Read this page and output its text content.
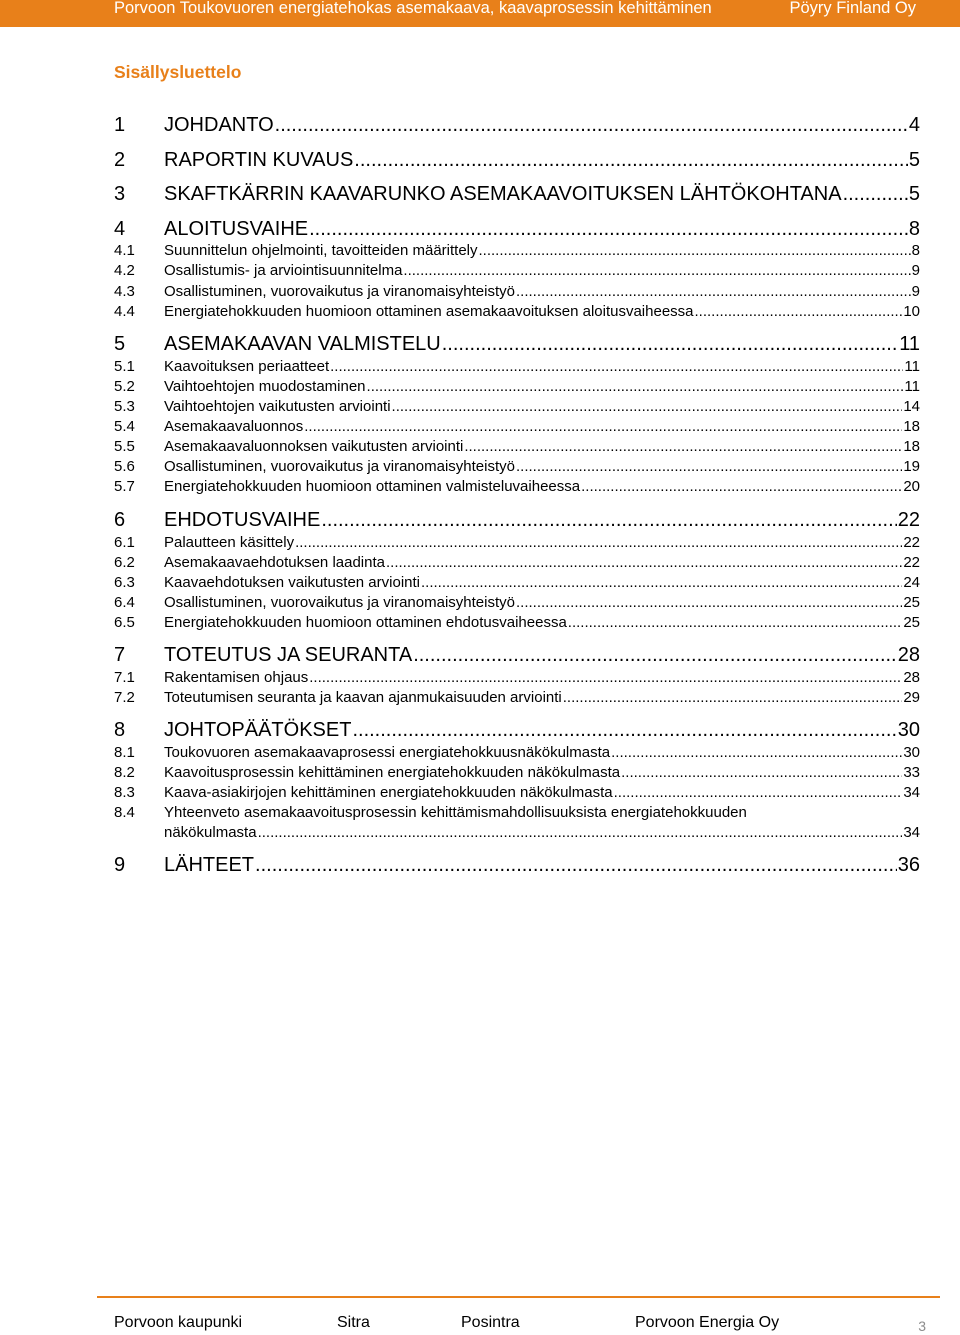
Porvoon Toukovuoren energiatehokas asemakaava, kaavaprosessin kehittäminen	Pöyry Finland Oy
Sisällysluettelo
1	JOHDANTO .....	4
2	RAPORTIN KUVAUS .....	5
3	SKAFTKÄRRIN KAAVARUNKO ASEMAKAAVOITUKSEN LÄHTÖKOHTANA .....	5
4	ALOITUSVAIHE .....	8
4.1	Suunnittelun ohjelmointi, tavoitteiden määrittely .....	8
4.2	Osallistumis- ja arviointisuunnitelma .....	9
4.3	Osallistuminen, vuorovaikutus ja viranomaisyhteistyö .....	9
4.4	Energiatehokkuuden huomioon ottaminen asemakaavoituksen aloitusvaiheessa .....	10
5	ASEMAKAAVAN VALMISTELU .....	11
5.1	Kaavoituksen periaatteet .....	11
5.2	Vaihtoehtojen muodostaminen .....	11
5.3	Vaihtoehtojen vaikutusten arviointi .....	14
5.4	Asemakaavaluonnos .....	18
5.5	Asemakaavaluonnoksen vaikutusten arviointi .....	18
5.6	Osallistuminen, vuorovaikutus ja viranomaisyhteistyö .....	19
5.7	Energiatehokkuuden huomioon ottaminen valmisteluvaiheessa .....	20
6	EHDOTUSVAIHE .....	22
6.1	Palautteen käsittely .....	22
6.2	Asemakaavaehdotuksen laadinta .....	22
6.3	Kaavaehdotuksen vaikutusten arviointi .....	24
6.4	Osallistuminen, vuorovaikutus ja viranomaisyhteistyö .....	25
6.5	Energiatehokkuuden huomioon ottaminen ehdotusvaiheessa .....	25
7	TOTEUTUS JA SEURANTA .....	28
7.1	Rakentamisen ohjaus .....	28
7.2	Toteutumisen seuranta ja kaavan ajanmukaisuuden arviointi .....	29
8	JOHTOPÄÄTÖKSET .....	30
8.1	Toukovuoren asemakaavaprosessi energiatehokkuusnäkökulmasta .....	30
8.2	Kaavoitusprosessin kehittäminen energiatehokkuuden näkökulmasta .....	33
8.3	Kaava-asiakirjojen kehittäminen energiatehokkuuden näkökulmasta .....	34
8.4	Yhteenveto asemakaavoitusprosessin kehittämismahdollisuuksista energiatehokkuuden
näkökulmasta .....	34
9	LÄHTEET .....	36
Porvoon kaupunki	Sitra	Posintra	Porvoon Energia Oy	3
